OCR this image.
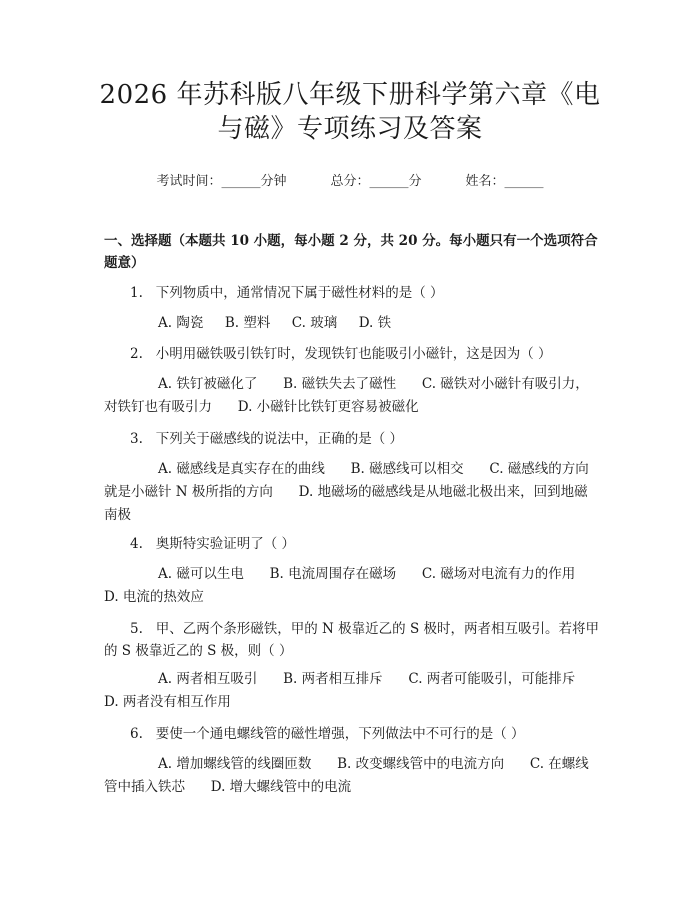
2026 年苏科版八年级下册科学第六章《电与磁》专项练习及答案
考试时间：______分钟	总分：______分	姓名：______
一、选择题（本题共 10 小题，每小题 2 分，共 20 分。每小题只有一个选项符合题意）
1.   下列物质中，通常情况下属于磁性材料的是（ ）
A. 陶瓷 B. 塑料 C. 玻璃 D. 铁
2.   小明用磁铁吸引铁钉时，发现铁钉也能吸引小磁针，这是因为（ ）
A. 铁钉被磁化了 B. 磁铁失去了磁性 C. 磁铁对小磁针有吸引力，对铁钉也有吸引力 D. 小磁针比铁钉更容易被磁化
3.   下列关于磁感线的说法中，正确的是（ ）
A. 磁感线是真实存在的曲线 B. 磁感线可以相交 C. 磁感线的方向就是小磁针 N 极所指的方向 D. 地磁场的磁感线是从地磁北极出来，回到地磁南极
4.   奥斯特实验证明了（ ）
A. 磁可以生电 B. 电流周围存在磁场 C. 磁场对电流有力的作用      D. 电流的热效应
5.   甲、乙两个条形磁铁，甲的 N 极靠近乙的 S 极时，两者相互吸引。若将甲的 S 极靠近乙的 S 极，则（ ）
A. 两者相互吸引 B. 两者相互排斥 C. 两者可能吸引，可能排斥      D. 两者没有相互作用
6.   要使一个通电螺线管的磁性增强，下列做法中不可行的是（ ）
A. 增加螺线管的线圈匝数 B. 改变螺线管中的电流方向 C. 在螺线管中插入铁芯 D. 增大螺线管中的电流
